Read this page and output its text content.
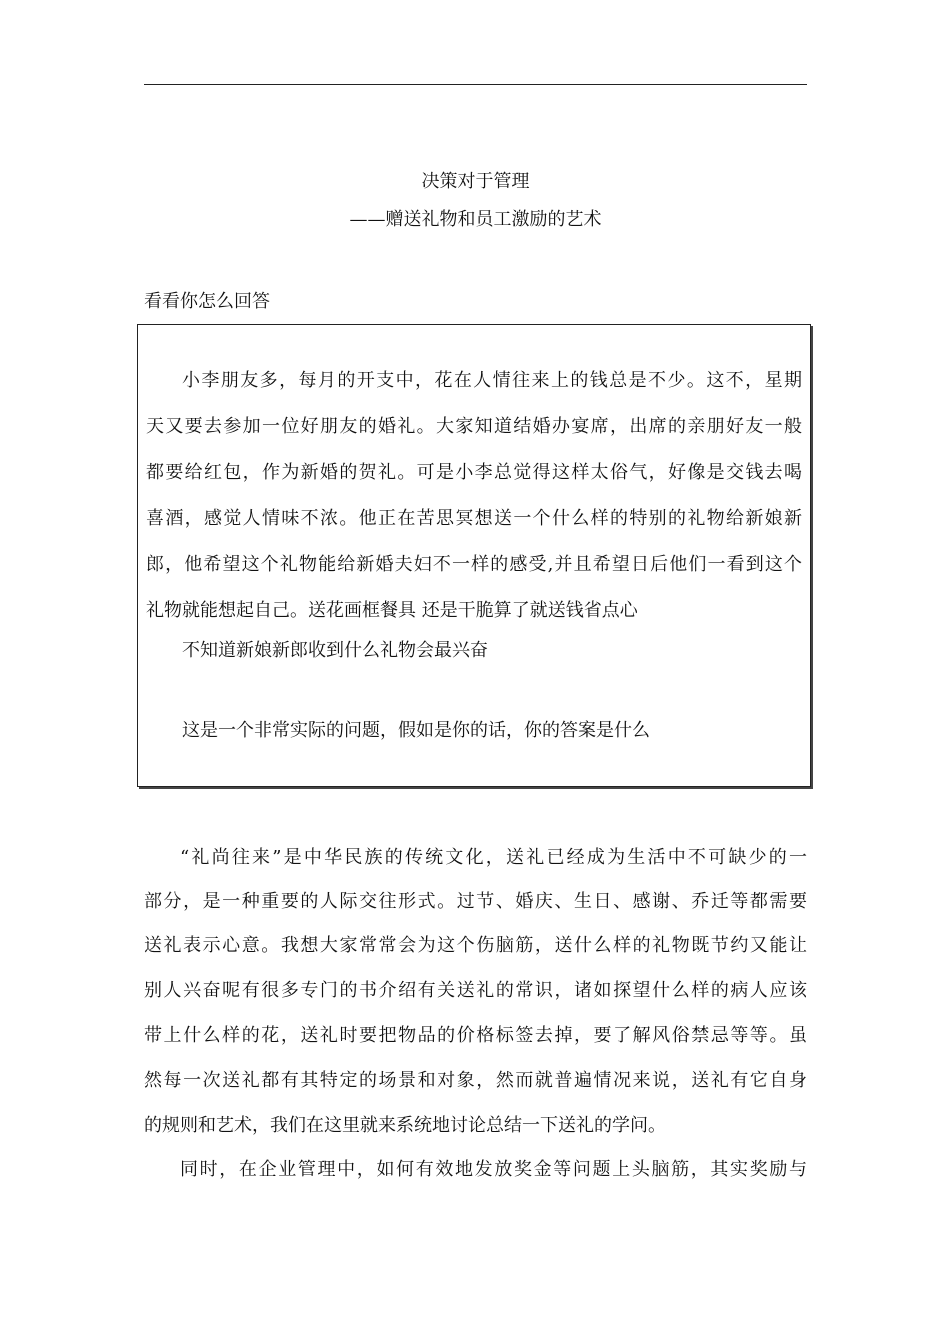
决策对于管理
——赠送礼物和员工激励的艺术
看看你怎么回答
小李朋友多，每月的开支中，花在人情往来上的钱总是不少。这不，星期
天又要去参加一位好朋友的婚礼。大家知道结婚办宴席，出席的亲朋好友一般
都要给红包，作为新婚的贺礼。可是小李总觉得这样太俗气，好像是交钱去喝
喜酒，感觉人情味不浓。他正在苦思冥想送一个什么样的特别的礼物给新娘新
郎，他希望这个礼物能给新婚夫妇不一样的感受,并且希望日后他们一看到这个
礼物就能想起自己。送花画框餐具 还是干脆算了就送钱省点心
不知道新娘新郎收到什么礼物会最兴奋
这是一个非常实际的问题，假如是你的话，你的答案是什么
“礼尚往来”是中华民族的传统文化，送礼已经成为生活中不可缺少的一
部分，是一种重要的人际交往形式。过节、婚庆、生日、感谢、乔迁等都需要
送礼表示心意。我想大家常常会为这个伤脑筋，送什么样的礼物既节约又能让
别人兴奋呢有很多专门的书介绍有关送礼的常识，诸如探望什么样的病人应该
带上什么样的花，送礼时要把物品的价格标签去掉，要了解风俗禁忌等等。虽
然每一次送礼都有其特定的场景和对象，然而就普遍情况来说，送礼有它自身
的规则和艺术，我们在这里就来系统地讨论总结一下送礼的学问。
同时，在企业管理中，如何有效地发放奖金等问题上头脑筋，其实奖励与
